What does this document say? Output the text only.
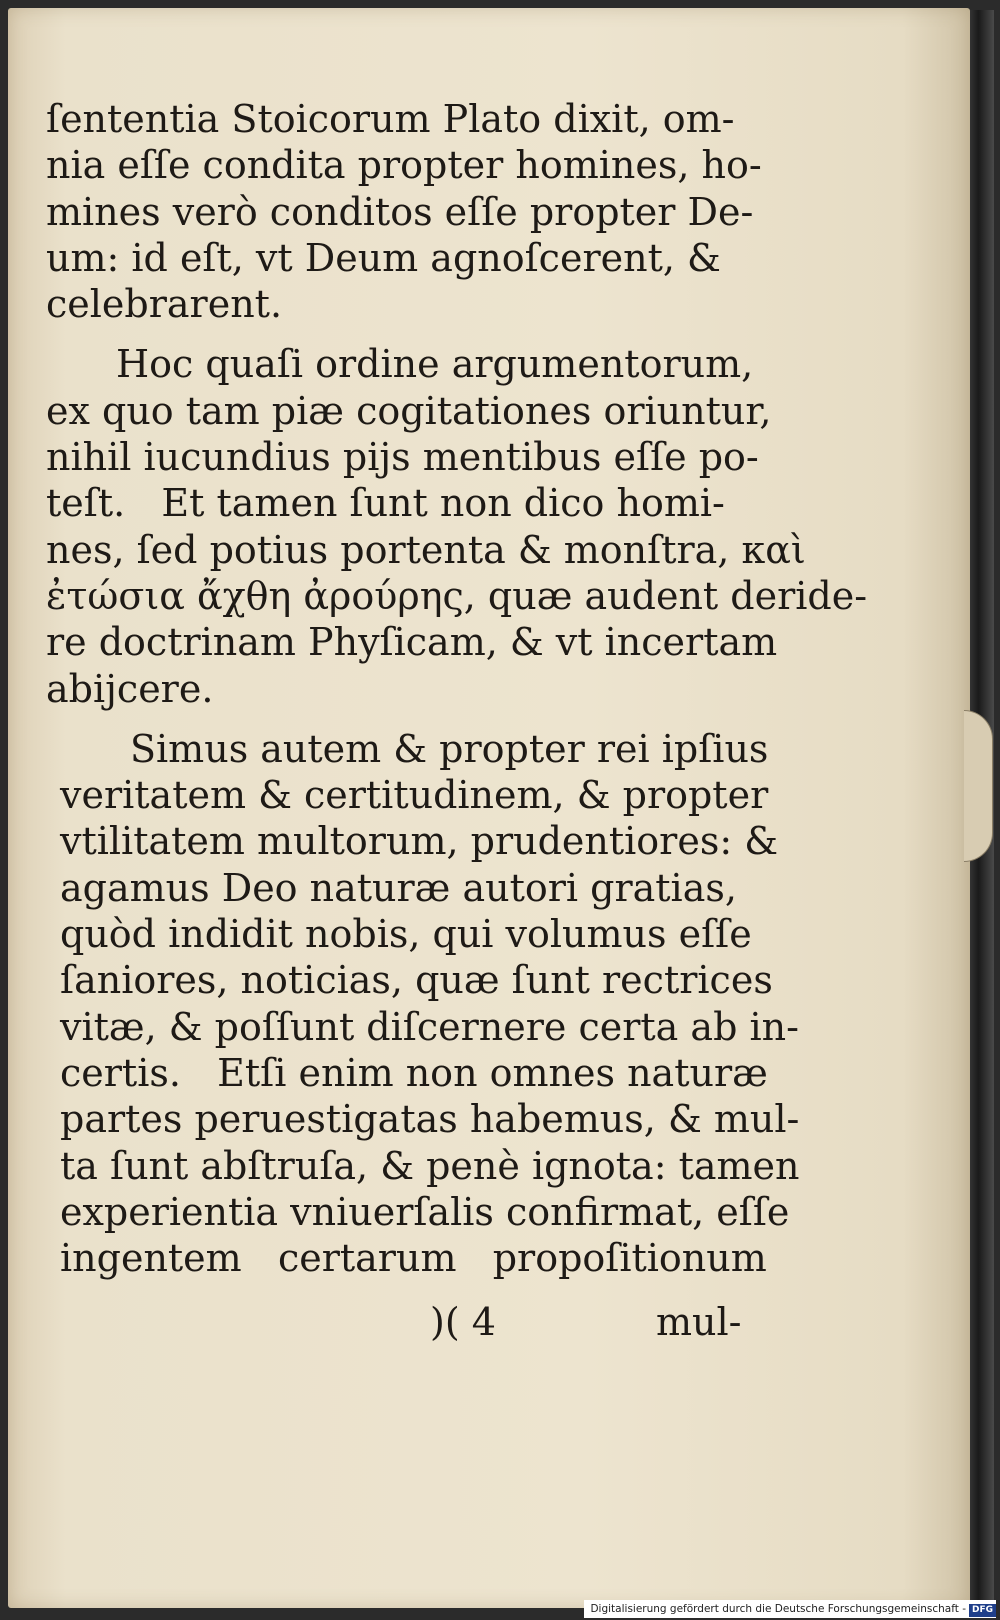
ſententia Stoicorum Plato dixit, om-
nia eſſe condita propter homines, ho-
mines verò conditos eſſe propter De-
um: id eſt, vt Deum agnoſcerent, &
celebrarent.
Hoc quaſi ordine argumentorum,
ex quo tam piæ cogitationes oriuntur,
nihil iucundius pijs mentibus eſſe po-
teſt.   Et tamen ſunt non dico homi-
nes, ſed potius portenta & monſtra, καὶ
ἐτώσια ἄχθη ἀρούρης, quæ audent deride-
re doctrinam Phyſicam, & vt incertam
abijcere.
Simus autem & propter rei ipſius
veritatem & certitudinem, & propter
vtilitatem multorum, prudentiores: &
agamus Deo naturæ autori gratias,
quòd indidit nobis, qui volumus eſſe
ſaniores, noticias, quæ ſunt rectrices
vitæ, & poſſunt diſcernere certa ab in-
certis.   Etſi enim non omnes naturæ
partes peruestigatas habemus, & mul-
ta ſunt abſtruſa, & penè ignota: tamen
experientia vniuerſalis confirmat, eſſe
ingentem   certarum   propoſitionum
)( 4	mul-
Digitalisierung gefördert durch die Deutsche Forschungsgemeinschaft - DFG
